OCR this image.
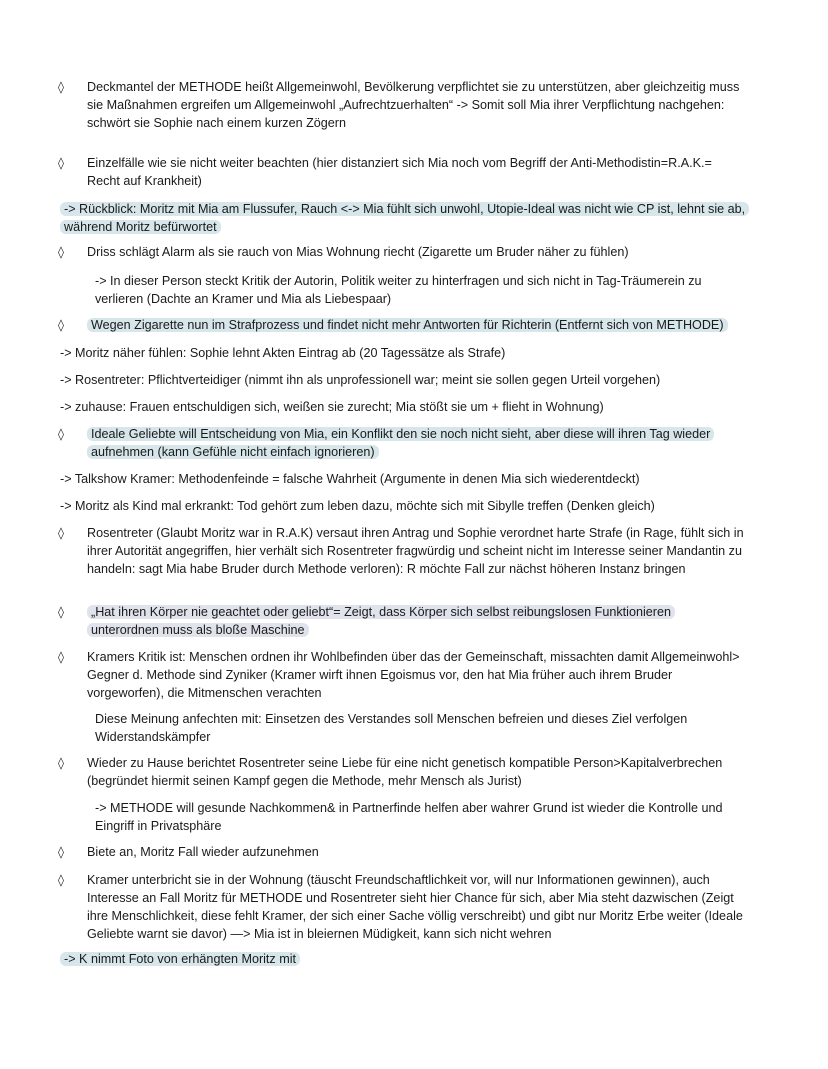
◊ Deckmantel der METHODE heißt Allgemeinwohl, Bevölkerung verpflichtet sie zu unterstützen, aber gleichzeitig muss sie Maßnahmen ergreifen um Allgemeinwohl „Aufrechtzuerhalten“ -> Somit soll Mia ihrer Verpflichtung nachgehen: schwört sie Sophie nach einem kurzen Zögern
◊ Einzelfälle wie sie nicht weiter beachten (hier distanziert sich Mia noch vom Begriff der Anti-Methodistin=R.A.K.= Recht auf Krankheit)
-> Rückblick: Moritz mit Mia am Flussufer, Rauch <-> Mia fühlt sich unwohl, Utopie-Ideal was nicht wie CP ist, lehnt sie ab, während Moritz befürwortet
◊ Driss schlägt Alarm als sie rauch von Mias Wohnung riecht (Zigarette um Bruder näher zu fühlen)
-> In dieser Person steckt Kritik der Autorin, Politik weiter zu hinterfragen und sich nicht in Tag-Träumerein zu verlieren (Dachte an Kramer und Mia als Liebespaar)
◊	Wegen Zigarette nun im Strafprozess und findet nicht mehr Antworten für Richterin (Entfernt sich von METHODE)
-> Moritz näher fühlen: Sophie lehnt Akten Eintrag ab (20 Tagessätze als Strafe)
-> Rosentreter: Pflichtverteidiger (nimmt ihn als unprofessionell war; meint sie sollen gegen Urteil vorgehen)
-> zuhause: Frauen entschuldigen sich, weißen sie zurecht; Mia stößt sie um + flieht in Wohnung)
◊	Ideale Geliebte will Entscheidung von Mia, ein Konflikt den sie noch nicht sieht, aber diese will ihren Tag wieder aufnehmen (kann Gefühle nicht einfach ignorieren)
-> Talkshow Kramer: Methodenfeinde = falsche Wahrheit (Argumente in denen Mia sich wiederentdeckt)
-> Moritz als Kind mal erkrankt: Tod gehört zum leben dazu, möchte sich mit Sibylle treffen (Denken gleich)
◊ Rosentreter (Glaubt Moritz war in R.A.K) versaut ihren Antrag und Sophie verordnet harte Strafe (in Rage, fühlt sich in ihrer Autorität angegriffen, hier verhält sich Rosentreter fragwürdig und scheint nicht im Interesse seiner Mandantin zu handeln: sagt Mia habe Bruder durch Methode verloren): R möchte Fall zur nächst höheren Instanz bringen
◊	„Hat ihren Körper nie geachtet oder geliebt“= Zeigt, dass Körper sich selbst reibungslosen Funktionieren unterordnen muss als bloße Maschine
◊ Kramers Kritik ist: Menschen ordnen ihr Wohlbefinden über das der Gemeinschaft, missachten damit Allgemeinwohl> Gegner d. Methode sind Zyniker (Kramer wirft ihnen Egoismus vor, den hat Mia früher auch ihrem Bruder vorgeworfen), die Mitmenschen verachten
Diese Meinung anfechten mit: Einsetzen des Verstandes soll Menschen befreien und dieses Ziel verfolgen Widerstandskämpfer
◊ Wieder zu Hause berichtet Rosentreter seine Liebe für eine nicht genetisch kompatible Person>Kapitalverbrechen (begründet hiermit seinen Kampf gegen die Methode, mehr Mensch als Jurist)
-> METHODE will gesunde Nachkommen& in Partnerfinde helfen aber wahrer Grund ist wieder die Kontrolle und Eingriff in Privatsphäre
◊ Biete an, Moritz Fall wieder aufzunehmen
◊ Kramer unterbricht sie in der Wohnung (täuscht Freundschaftlichkeit vor, will nur Informationen gewinnen), auch Interesse an Fall Moritz für METHODE und Rosentreter sieht hier Chance für sich, aber Mia steht dazwischen (Zeigt ihre Menschlichkeit, diese fehlt Kramer, der sich einer Sache völlig verschreibt) und gibt nur Moritz Erbe weiter (Ideale Geliebte warnt sie davor) —> Mia ist in bleiernen Müdigkeit, kann sich nicht wehren
-> K nimmt Foto von erhängten Moritz mit
